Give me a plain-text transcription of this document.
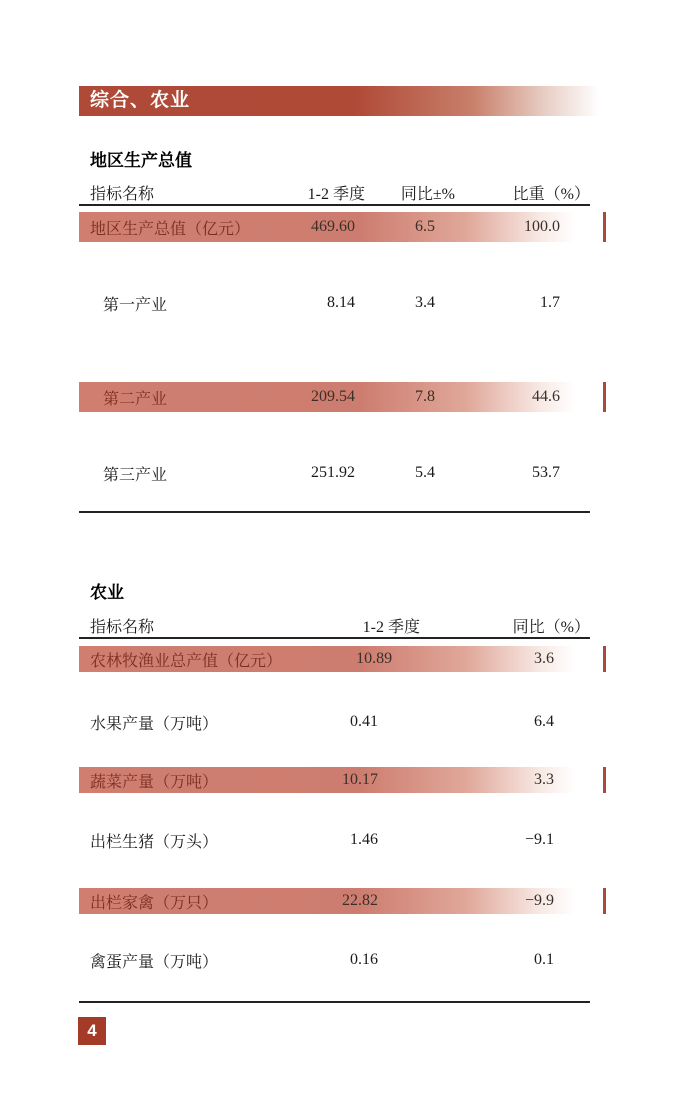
综合、农业
地区生产总值
指标名称	1-2 季度	同比±%	比重（%）
地区生产总值（亿元）	469.60	6.5	100.0
第一产业	8.14	3.4	1.7
第二产业	209.54	7.8	44.6
第三产业	251.92	5.4	53.7
农业
指标名称	1-2 季度	同比（%）
农林牧渔业总产值（亿元）	10.89	3.6
水果产量（万吨）	0.41	6.4
蔬菜产量（万吨）	10.17	3.3
出栏生猪（万头）	1.46	−9.1
出栏家禽（万只）	22.82	−9.9
禽蛋产量（万吨）	0.16	0.1
4
